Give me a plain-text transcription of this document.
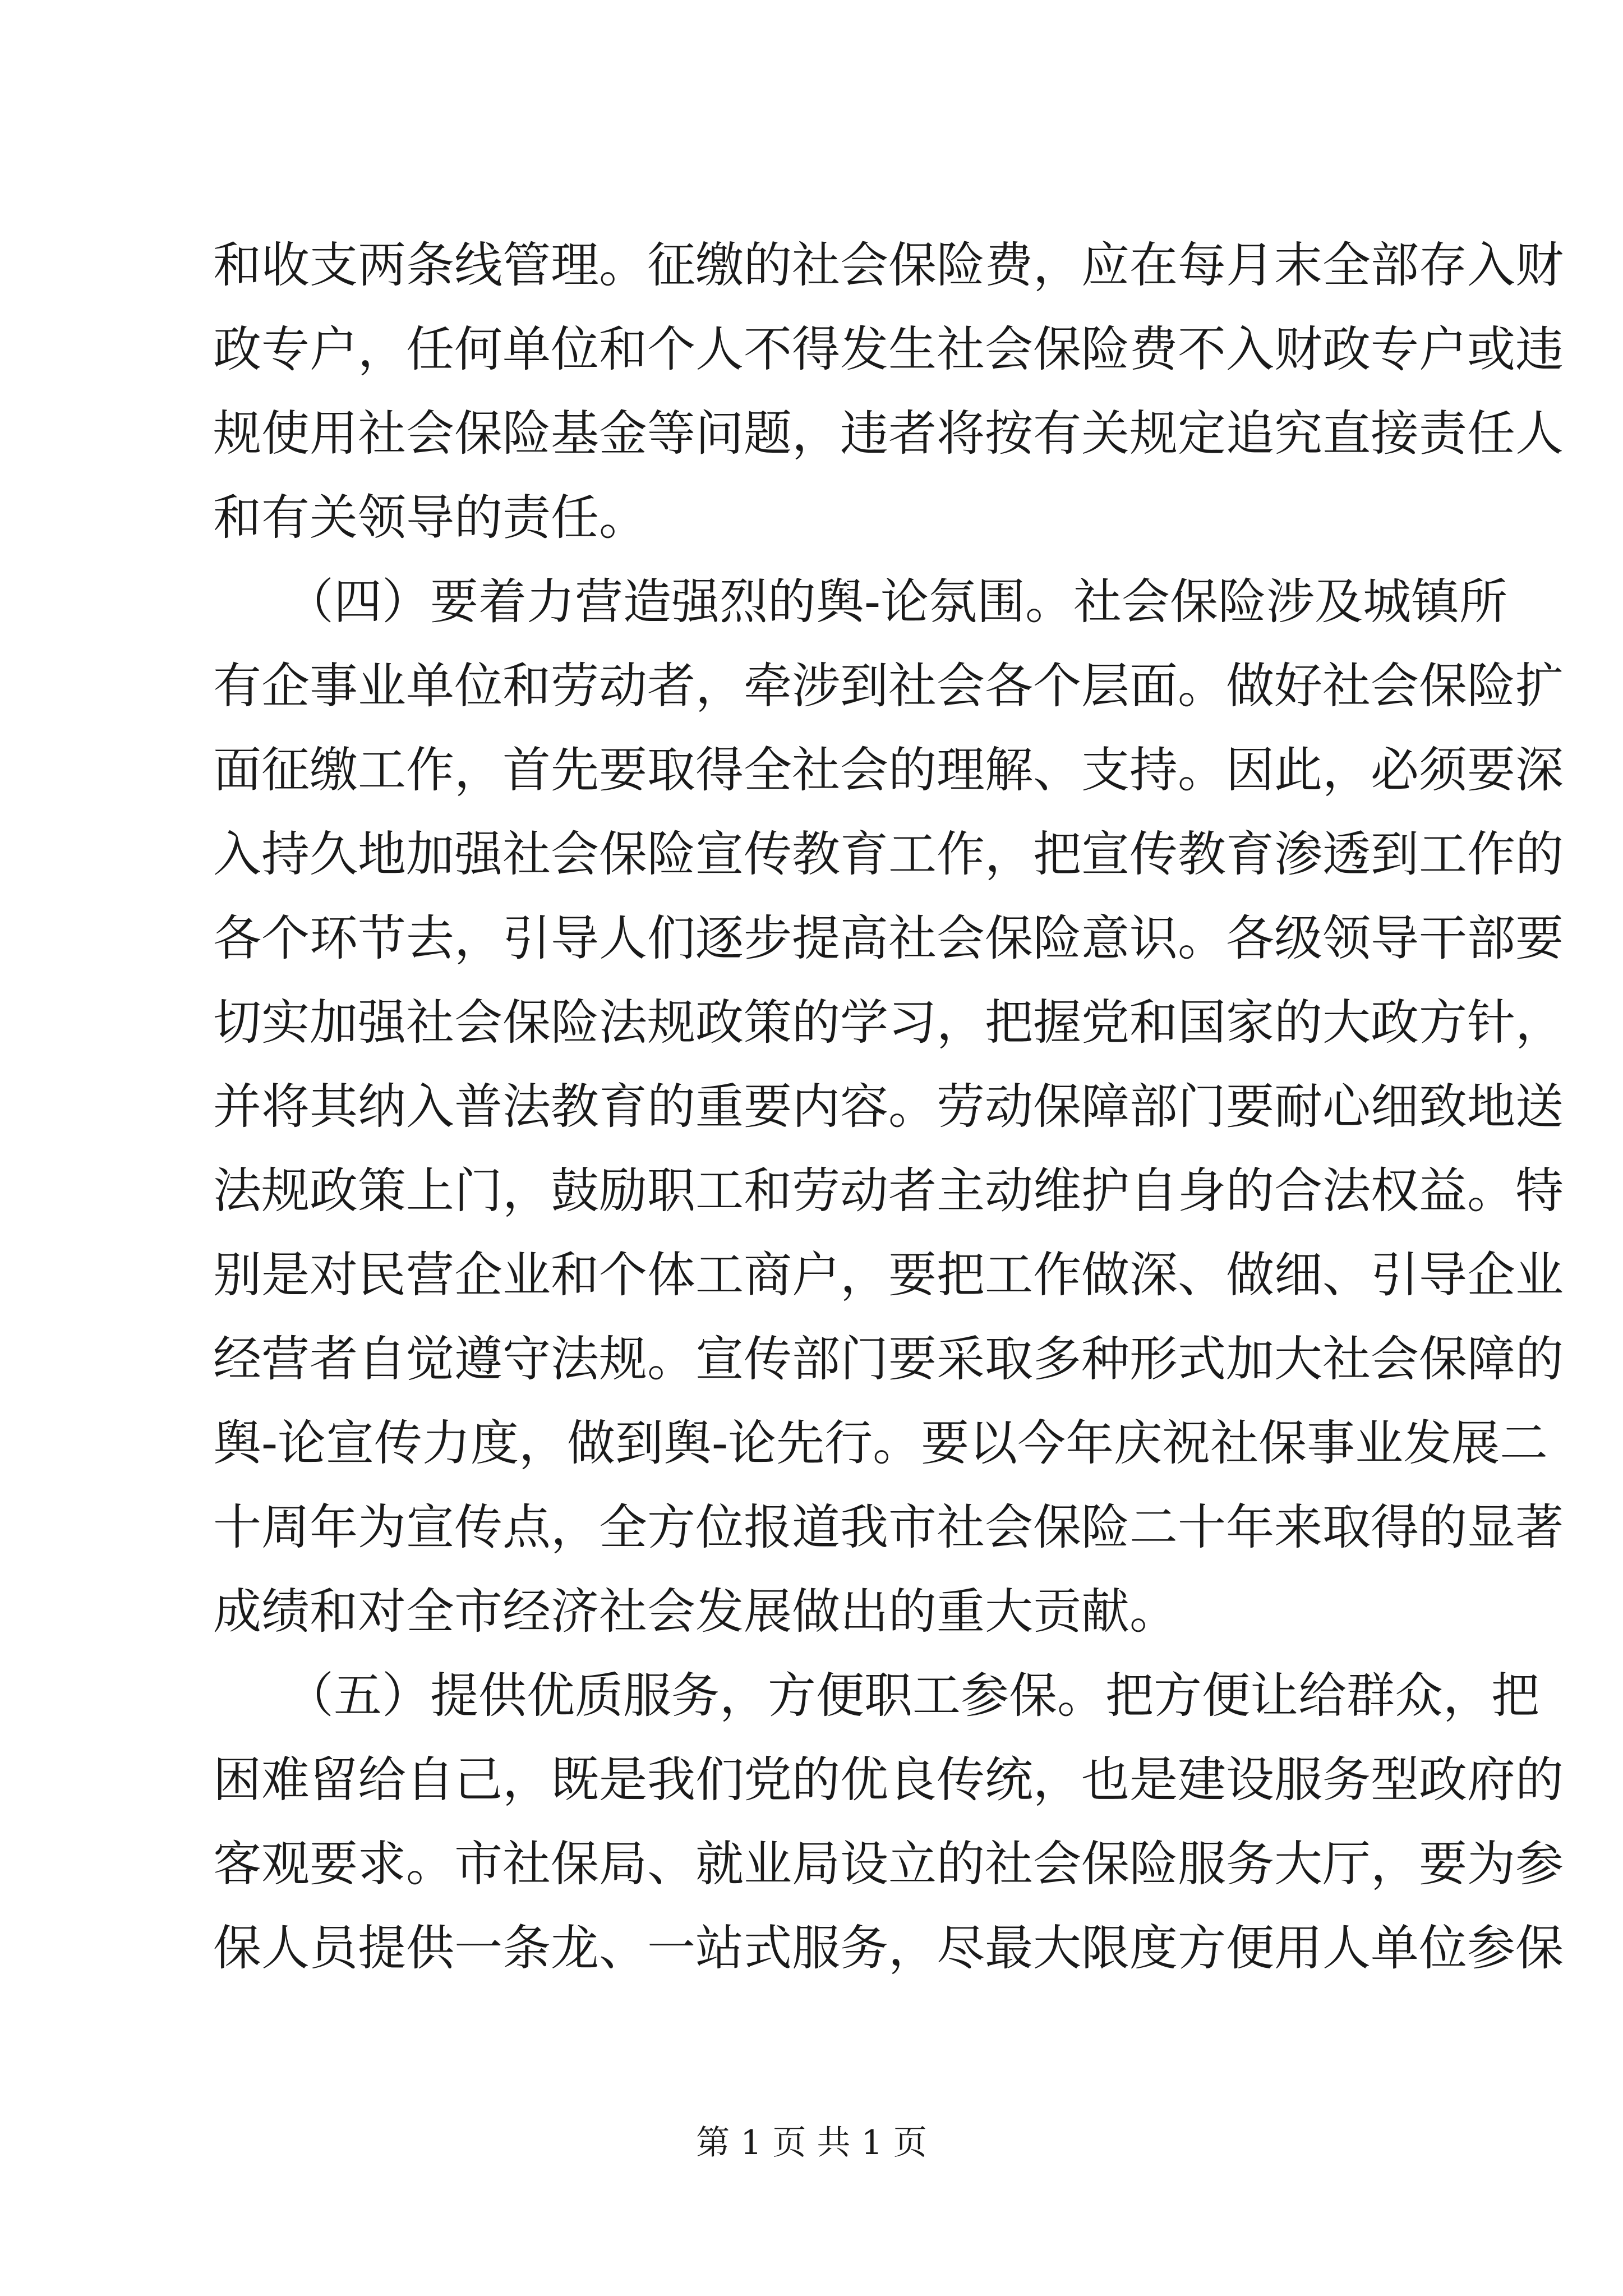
和收支两条线管理。征缴的社会保险费，应在每月末全部存入财
政专户，任何单位和个人不得发生社会保险费不入财政专户或违
规使用社会保险基金等问题，违者将按有关规定追究直接责任人
和有关领导的责任。
　　（四）要着力营造强烈的舆-论氛围。社会保险涉及城镇所
有企事业单位和劳动者，牵涉到社会各个层面。做好社会保险扩
面征缴工作，首先要取得全社会的理解、支持。因此，必须要深
入持久地加强社会保险宣传教育工作，把宣传教育渗透到工作的
各个环节去，引导人们逐步提高社会保险意识。各级领导干部要
切实加强社会保险法规政策的学习，把握党和国家的大政方针，
并将其纳入普法教育的重要内容。劳动保障部门要耐心细致地送
法规政策上门，鼓励职工和劳动者主动维护自身的合法权益。特
别是对民营企业和个体工商户，要把工作做深、做细、引导企业
经营者自觉遵守法规。宣传部门要采取多种形式加大社会保障的
舆-论宣传力度，做到舆-论先行。要以今年庆祝社保事业发展二
十周年为宣传点，全方位报道我市社会保险二十年来取得的显著
成绩和对全市经济社会发展做出的重大贡献。
　　（五）提供优质服务，方便职工参保。把方便让给群众，把
困难留给自己，既是我们党的优良传统，也是建设服务型政府的
客观要求。市社保局、就业局设立的社会保险服务大厅，要为参
保人员提供一条龙、一站式服务，尽最大限度方便用人单位参保
第 1 页 共 1 页
